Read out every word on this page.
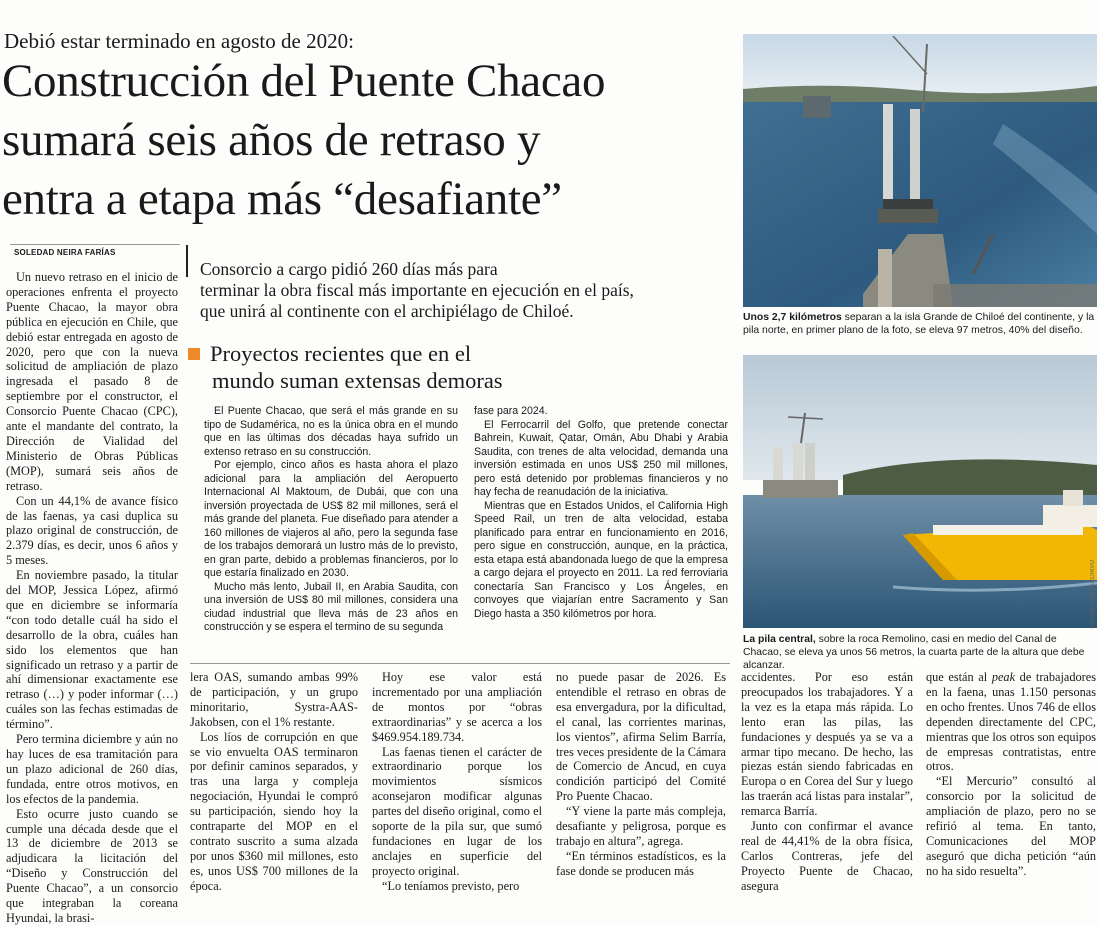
Debió estar terminado en agosto de 2020:
Construcción del Puente Chacao
sumará seis años de retraso y
entra a etapa más “desafiante”
SOLEDAD NEIRA FARÍAS

Consorcio a cargo pidió 260 días más para

terminar la obra fiscal más importante en ejecución en el país,

que unirá al continente con el archipiélago de Chiloé.

Un nuevo retraso en el inicio de operaciones enfrenta el proyecto Puente Chacao, la mayor obra pública en ejecución en Chile, que debió estar entregada en agosto de 2020, pero que con la nueva solicitud de ampliación de plazo ingresada el pasado 8 de septiembre por el constructor, el Consorcio Puente Chacao (CPC), ante el mandante del contrato, la Dirección de Vialidad del Ministerio de Obras Públicas (MOP), sumará seis años de retraso.

Con un 44,1% de avance físico de las faenas, ya casi duplica su plazo original de construcción, de 2.379 días, es decir, unos 6 años y 5 meses.

En noviembre pasado, la titular del MOP, Jessica López, afirmó que en diciembre se informaría “con todo detalle cuál ha sido el desarrollo de la obra, cuáles han sido los elementos que han significado un retraso y a partir de ahí dimensionar exactamente ese retraso (…) y poder informar (…) cuáles son las fechas estimadas de término”.

Pero termina diciembre y aún no hay luces de esa tramitación para un plazo adicional de 260 días, fundada, entre otros motivos, en los efectos de la pandemia.

Esto ocurre justo cuando se cumple una década desde que el 13 de diciembre de 2013 se adjudicara la licitación del “Diseño y Construcción del Puente Chacao”, a un consorcio que integraban la coreana Hyundai, la brasi-

Proyectos recientes que en el
mundo suman extensas demoras

El Puente Chacao, que será el más grande en su tipo de Sudamérica, no es la única obra en el mundo que en las últimas dos décadas haya sufrido un extenso retraso en su construcción.

Por ejemplo, cinco años es hasta ahora el plazo adicional para la ampliación del Aeropuerto Internacional Al Maktoum, de Dubái, que con una inversión proyectada de US$ 82 mil millones, será el más grande del planeta. Fue diseñado para atender a 160 millones de viajeros al año, pero la segunda fase de los trabajos demorará un lustro más de lo previsto, en gran parte, debido a problemas financieros, por lo que estaría finalizado en 2030.

Mucho más lento, Jubail II, en Arabia Saudita, con una inversión de US$ 80 mil millones, considera una ciudad industrial que lleva más de 23 años en construcción y se espera el termino de su segunda

fase para 2024.

El Ferrocarril del Golfo, que pretende conectar Bahrein, Kuwait, Qatar, Omán, Abu Dhabi y Arabia Saudita, con trenes de alta velocidad, demanda una inversión estimada en unos US$ 250 mil millones, pero está detenido por problemas financieros y no hay fecha de reanudación de la iniciativa.

Mientras que en Estados Unidos, el California High Speed Rail, un tren de alta velocidad, estaba planificado para entrar en funcionamiento en 2016, pero sigue en construcción, aunque, en la práctica, esta etapa está abandonada luego de que la empresa a cargo dejara el proyecto en 2011. La red ferroviaria conectaría San Francisco y Los Ángeles, en convoyes que viajarían entre Sacramento y San Diego hasta a 350 kilómetros por hora.

lera OAS, sumando ambas 99% de participación, y un grupo minoritario, Systra-AAS- Jakobsen, con el 1% restante.

Los líos de corrupción en que se vio envuelta OAS terminaron por definir caminos separados, y tras una larga y compleja negociación, Hyundai le compró su participación, siendo hoy la contraparte del MOP en el contrato suscrito a suma alzada por unos $360 mil millones, esto es, unos US$ 700 millones de la época.

Hoy ese valor está incrementado por una ampliación de montos por “obras extraordinarias” y se acerca a los $469.954.189.734.

Las faenas tienen el carácter de extraordinario porque los movimientos sísmicos aconsejaron modificar algunas partes del diseño original, como el soporte de la pila sur, que sumó fundaciones en lugar de los anclajes en superficie del proyecto original.

“Lo teníamos previsto, pero

no puede pasar de 2026. Es entendible el retraso en obras de esa envergadura, por la dificultad, el canal, las corrientes marinas, los vientos”, afirma Selim Barría, tres veces presidente de la Cámara de Comercio de Ancud, en cuya condición participó del Comité Pro Puente Chacao.

“Y viene la parte más compleja, desafiante y peligrosa, porque es trabajo en altura”, agrega.

“En términos estadísticos, es la fase donde se producen más

accidentes. Por eso están preocupados los trabajadores. Y a la vez es la etapa más rápida. Lo lento eran las pilas, las fundaciones y después ya se va a armar tipo mecano. De hecho, las piezas están siendo fabricadas en Europa o en Corea del Sur y luego las traerán acá listas para instalar”, remarca Barría.

Junto con confirmar el avance real de 44,41% de la obra física, Carlos Contreras, jefe del Proyecto Puente de Chacao, asegura

que están al peak de trabajadores en la faena, unas 1.150 personas en ocho frentes. Unos 746 de ellos dependen directamente del CPC, mientras que los otros son equipos de empresas contratistas, entre otros.

“El Mercurio” consultó al consorcio por la solicitud de ampliación de plazo, pero no se refirió al tema. En tanto, Comunicaciones del MOP aseguró que dicha petición “aún no ha sido resuelta”.

Unos 2,7 kilómetros separan a la isla Grande de Chiloé del continente, y la pila norte, en primer plano de la foto, se eleva 97 metros, 40% del diseño.
FOTOS: CPC / ARCHIVO
La pila central, sobre la roca Remolino, casi en medio del Canal de Chacao, se eleva ya unos 56 metros, la cuarta parte de la altura que debe alcanzar.
